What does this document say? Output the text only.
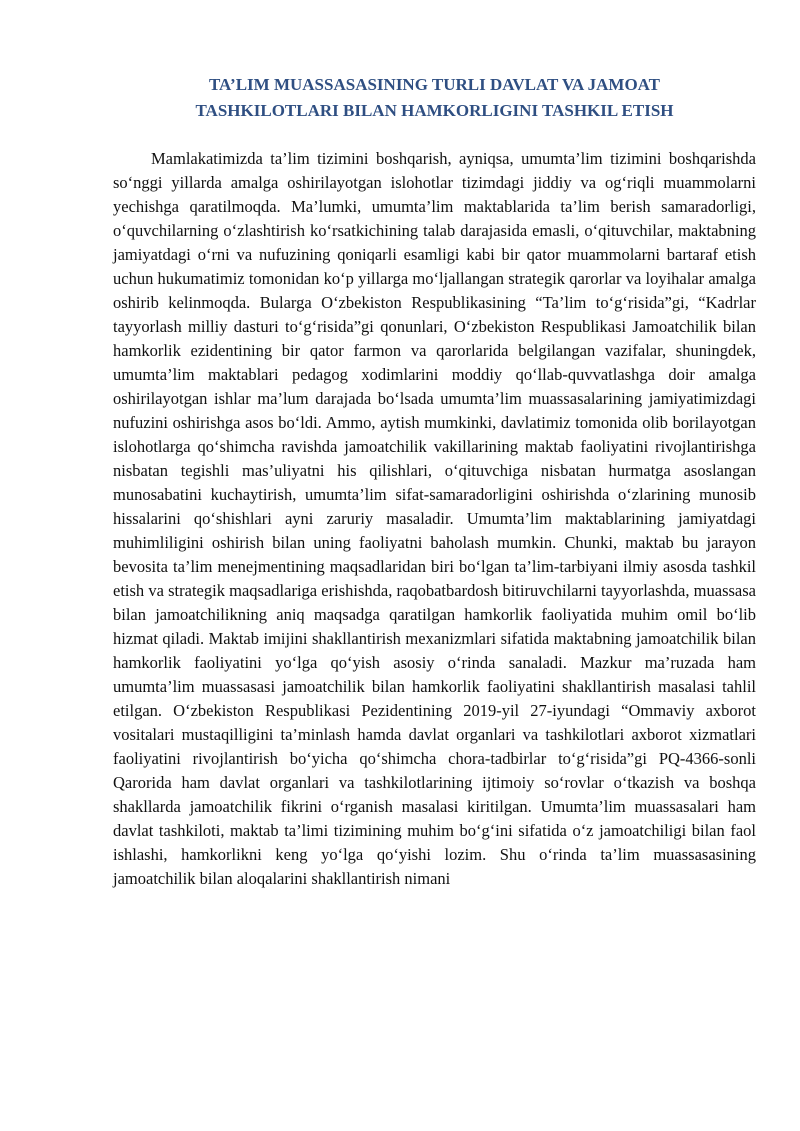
TA’LIM MUASSASASINING TURLI DAVLAT VA JAMOAT
TASHKILOTLARI BILAN HAMKORLIGINI TASHKIL ETISH

Mamlakatimizda ta’lim tizimini boshqarish, ayniqsa, umumta’lim tizimini boshqarishda so‘nggi yillarda amalga oshirilayotgan islohotlar tizimdagi jiddiy va og‘riqli muammolarni yechishga qaratilmoqda. Ma’lumki, umumta’lim maktablarida ta’lim berish samaradorligi, o‘quvchilarning o‘zlashtirish ko‘rsatkichining talab darajasida emasli, o‘qituvchilar, maktabning jamiyatdagi o‘rni va nufuzining qoniqarli esamligi kabi bir qator muammolarni bartaraf etish uchun hukumatimiz tomonidan ko‘p yillarga mo‘ljallangan strategik qarorlar va loyihalar amalga oshirib kelinmoqda. Bularga O‘zbekiston Respublikasining “Ta’lim to‘g‘risida”gi, “Kadrlar tayyorlash milliy dasturi to‘g‘risida”gi qonunlari, O‘zbekiston Respublikasi Jamoatchilik bilan hamkorlik ezidentining bir qator farmon va qarorlarida belgilangan vazifalar, shuningdek, umumta’lim maktablari pedagog xodimlarini moddiy qo‘llab-quvvatlashga doir amalga oshirilayotgan ishlar ma’lum darajada bo‘lsada umumta’lim muassasalarining jamiyatimizdagi nufuzini oshirishga asos bo‘ldi. Ammo, aytish mumkinki, davlatimiz tomonida olib borilayotgan islohotlarga qo‘shimcha ravishda jamoatchilik vakillarining maktab faoliyatini rivojlantirishga nisbatan tegishli mas’uliyatni his qilishlari, o‘qituvchiga nisbatan hurmatga asoslangan munosabatini kuchaytirish, umumta’lim sifat-samaradorligini oshirishda o‘zlarining munosib hissalarini qo‘shishlari ayni zaruriy masaladir. Umumta’lim maktablarining jamiyatdagi muhimliligini oshirish bilan uning faoliyatni baholash mumkin. Chunki, maktab bu jarayon bevosita ta’lim menejmentining maqsadlaridan biri bo‘lgan ta’lim-tarbiyani ilmiy asosda tashkil etish va strategik maqsadlariga erishishda, raqobatbardosh bitiruvchilarni tayyorlashda, muassasa bilan jamoatchilikning aniq maqsadga qaratilgan hamkorlik faoliyatida muhim omil bo‘lib hizmat qiladi. Maktab imijini shakllantirish mexanizmlari sifatida maktabning jamoatchilik bilan hamkorlik faoliyatini yo‘lga qo‘yish asosiy o‘rinda sanaladi. Mazkur ma’ruzada ham umumta’lim muassasasi jamoatchilik bilan hamkorlik faoliyatini shakllantirish masalasi tahlil etilgan. O‘zbekiston Respublikasi Pezidentining 2019-yil 27-iyundagi “Ommaviy axborot vositalari mustaqilligini ta’minlash hamda davlat organlari va tashkilotlari axborot xizmatlari faoliyatini rivojlantirish bo‘yicha qo‘shimcha chora-tadbirlar to‘g‘risida”gi PQ-4366-sonli Qarorida ham davlat organlari va tashkilotlarining ijtimoiy so‘rovlar o‘tkazish va boshqa shakllarda jamoatchilik fikrini o‘rganish masalasi kiritilgan. Umumta’lim muassasalari ham davlat tashkiloti, maktab ta’limi tizimining muhim bo‘g‘ini sifatida o‘z jamoatchiligi bilan faol ishlashi, hamkorlikni keng yo‘lga qo‘yishi lozim. Shu o‘rinda ta’lim muassasasining jamoatchilik bilan aloqalarini shakllantirish nimani
